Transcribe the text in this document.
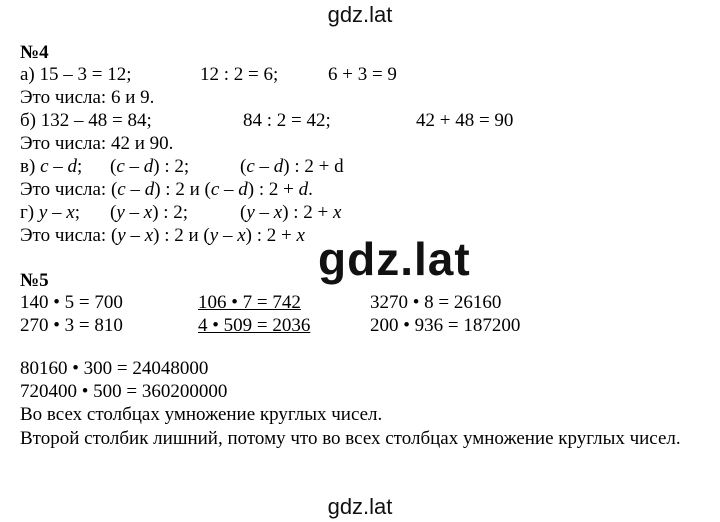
gdz.lat
№4
а) 15 – 3 = 12;	12 : 2 = 6;	6 + 3 = 9
Это числа: 6 и 9.
б) 132 – 48 = 84;	84 : 2 = 42;	42 + 48 = 90
Это числа: 42 и 90.
в) c – d; (c – d) : 2;	(c – d) : 2 + d
Это числа: (c – d) : 2 и (c – d) : 2 + d.
г) y – x; (y – x) : 2;	(y – x) : 2 + x
Это числа: (y – x) : 2 и (y – x) : 2 + x gdz.lat
№5
140 • 5 = 700	106 • 7 = 742	3270 • 8 = 26160
270 • 3 = 810	4 • 509 = 2036	200 • 936 = 187200
80160 • 300 = 24048000
720400 • 500 = 360200000
Во всех столбцах умножение круглых чисел.
Второй столбик лишний, потому что во всех столбцах умножение круглых чисел.
gdz.lat
